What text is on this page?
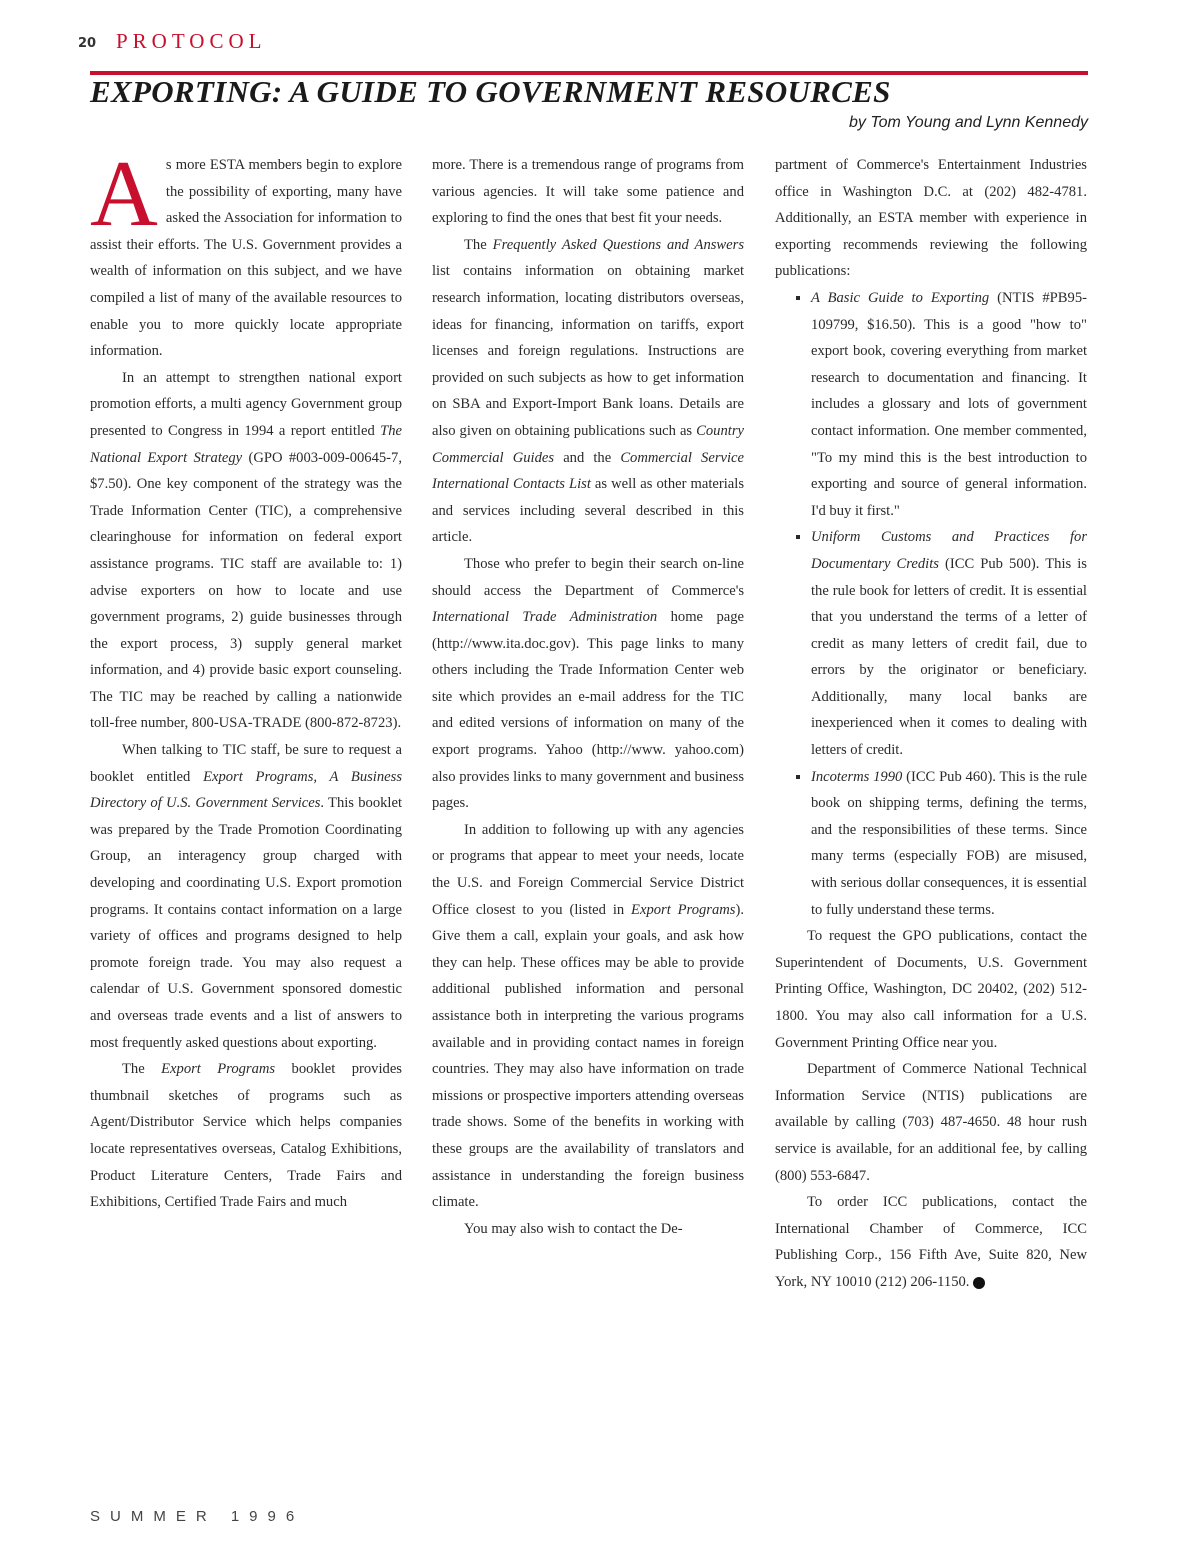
20 PROTOCOL
EXPORTING: A GUIDE TO GOVERNMENT RESOURCES
by Tom Young and Lynn Kennedy

As more ESTA members begin to explore the possibility of exporting, many have asked the Association for information to assist their efforts. The U.S. Government provides a wealth of information on this subject, and we have compiled a list of many of the available resources to enable you to more quickly locate appropriate information.

In an attempt to strengthen national export promotion efforts, a multi agency Government group presented to Congress in 1994 a report entitled The National Export Strategy (GPO #003-009-00645-7, $7.50). One key component of the strategy was the Trade Information Center (TIC), a comprehensive clearinghouse for information on federal export assistance programs. TIC staff are available to: 1) advise exporters on how to locate and use government programs, 2) guide businesses through the export process, 3) supply general market information, and 4) provide basic export counseling. The TIC may be reached by calling a nationwide toll-free number, 800-USA-TRADE (800-872-8723).

When talking to TIC staff, be sure to request a booklet entitled Export Programs, A Business Directory of U.S. Government Services. This booklet was prepared by the Trade Promotion Coordinating Group, an interagency group charged with developing and coordinating U.S. Export promotion programs. It contains contact information on a large variety of offices and programs designed to help promote foreign trade. You may also request a calendar of U.S. Government sponsored domestic and overseas trade events and a list of answers to most frequently asked questions about exporting.

The Export Programs booklet provides thumbnail sketches of programs such as Agent/Distributor Service which helps companies locate representatives overseas, Catalog Exhibitions, Product Literature Centers, Trade Fairs and Exhibitions, Certified Trade Fairs and much

more. There is a tremendous range of programs from various agencies. It will take some patience and exploring to find the ones that best fit your needs.

The Frequently Asked Questions and Answers list contains information on obtaining market research information, locating distributors overseas, ideas for financing, information on tariffs, export licenses and foreign regulations. Instructions are provided on such subjects as how to get information on SBA and Export-Import Bank loans. Details are also given on obtaining publications such as Country Commercial Guides and the Commercial Service International Contacts List as well as other materials and services including several described in this article.

Those who prefer to begin their search on-line should access the Department of Commerce's International Trade Administration home page (http://www.ita.doc.gov). This page links to many others including the Trade Information Center web site which provides an e-mail address for the TIC and edited versions of information on many of the export programs. Yahoo (http://www. yahoo.com) also provides links to many government and business pages.

In addition to following up with any agencies or programs that appear to meet your needs, locate the U.S. and Foreign Commercial Service District Office closest to you (listed in Export Programs). Give them a call, explain your goals, and ask how they can help. These offices may be able to provide additional published information and personal assistance both in interpreting the various programs available and in providing contact names in foreign countries. They may also have information on trade missions or prospective importers attending overseas trade shows. Some of the benefits in working with these groups are the availability of translators and assistance in understanding the foreign business climate.

You may also wish to contact the De-

partment of Commerce's Entertainment Industries office in Washington D.C. at (202) 482-4781. Additionally, an ESTA member with experience in exporting recommends reviewing the following publications:

▪ A Basic Guide to Exporting (NTIS #PB95-109799, $16.50). This is a good "how to" export book, covering everything from market research to documentation and financing. It includes a glossary and lots of government contact information. One member commented, "To my mind this is the best introduction to exporting and source of general information. I'd buy it first."
▪ Uniform Customs and Practices for Documentary Credits (ICC Pub 500). This is the rule book for letters of credit. It is essential that you understand the terms of a letter of credit as many letters of credit fail, due to errors by the originator or beneficiary. Additionally, many local banks are inexperienced when it comes to dealing with letters of credit.
▪ Incoterms 1990 (ICC Pub 460). This is the rule book on shipping terms, defining the terms, and the responsibilities of these terms. Since many terms (especially FOB) are misused, with serious dollar consequences, it is essential to fully understand these terms.

To request the GPO publications, contact the Superintendent of Documents, U.S. Government Printing Office, Washington, DC 20402, (202) 512-1800. You may also call information for a U.S. Government Printing Office near you.

Department of Commerce National Technical Information Service (NTIS) publications are available by calling (703) 487-4650. 48 hour rush service is available, for an additional fee, by calling (800) 553-6847.

To order ICC publications, contact the International Chamber of Commerce, ICC Publishing Corp., 156 Fifth Ave, Suite 820, New York, NY 10010 (212) 206-1150.

SUMMER 1996
